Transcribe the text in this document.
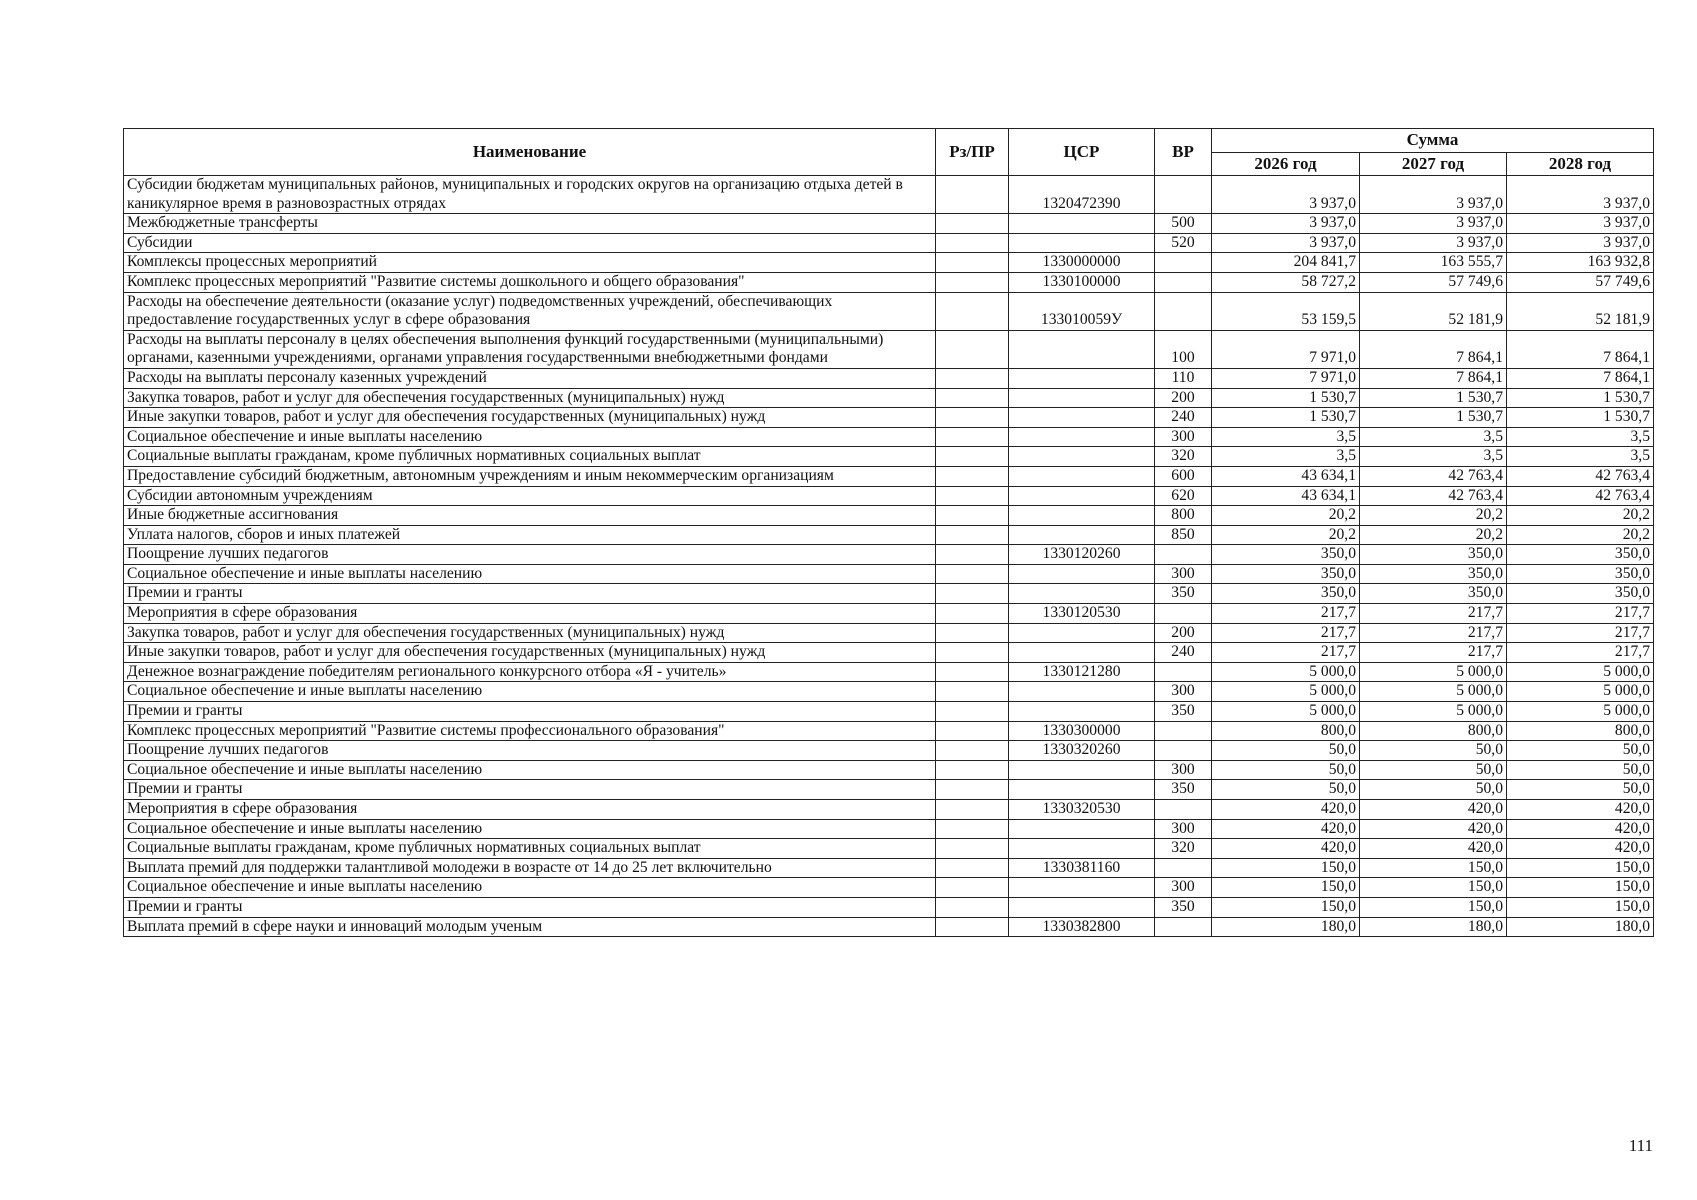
Наименование	Рз/ПР	ЦСР	ВР	Сумма		
				2026 год	2027 год	2028 год
Субсидии бюджетам муниципальных районов, муниципальных и городских округов на организацию отдыха детей в каникулярное время в разновозрастных отрядах		1320472390		3 937,0	3 937,0	3 937,0
Межбюджетные трансферты			500	3 937,0	3 937,0	3 937,0
Субсидии			520	3 937,0	3 937,0	3 937,0
Комплексы процессных мероприятий		1330000000		204 841,7	163 555,7	163 932,8
Комплекс процессных мероприятий "Развитие системы дошкольного и общего образования"		1330100000		58 727,2	57 749,6	57 749,6
Расходы на обеспечение деятельности (оказание услуг) подведомственных учреждений, обеспечивающих предоставление государственных услуг в сфере образования		133010059У		53 159,5	52 181,9	52 181,9
Расходы на выплаты персоналу в целях обеспечения выполнения функций государственными (муниципальными) органами, казенными учреждениями, органами управления государственными внебюджетными фондами			100	7 971,0	7 864,1	7 864,1
Расходы на выплаты персоналу казенных учреждений			110	7 971,0	7 864,1	7 864,1
Закупка товаров, работ и услуг для обеспечения государственных (муниципальных) нужд			200	1 530,7	1 530,7	1 530,7
Иные закупки товаров, работ и услуг для обеспечения государственных (муниципальных) нужд			240	1 530,7	1 530,7	1 530,7
Социальное обеспечение и иные выплаты населению			300	3,5	3,5	3,5
Социальные выплаты гражданам, кроме публичных нормативных социальных выплат			320	3,5	3,5	3,5
Предоставление субсидий бюджетным, автономным учреждениям и иным некоммерческим организациям			600	43 634,1	42 763,4	42 763,4
Субсидии автономным учреждениям			620	43 634,1	42 763,4	42 763,4
Иные бюджетные ассигнования			800	20,2	20,2	20,2
Уплата налогов, сборов и иных платежей			850	20,2	20,2	20,2
Поощрение лучших педагогов		1330120260		350,0	350,0	350,0
Социальное обеспечение и иные выплаты населению			300	350,0	350,0	350,0
Премии и гранты			350	350,0	350,0	350,0
Мероприятия в сфере образования		1330120530		217,7	217,7	217,7
Закупка товаров, работ и услуг для обеспечения государственных (муниципальных) нужд			200	217,7	217,7	217,7
Иные закупки товаров, работ и услуг для обеспечения государственных (муниципальных) нужд			240	217,7	217,7	217,7
Денежное вознаграждение победителям регионального конкурсного отбора «Я - учитель»		1330121280		5 000,0	5 000,0	5 000,0
Социальное обеспечение и иные выплаты населению			300	5 000,0	5 000,0	5 000,0
Премии и гранты			350	5 000,0	5 000,0	5 000,0
Комплекс процессных мероприятий "Развитие системы профессионального образования"		1330300000		800,0	800,0	800,0
Поощрение лучших педагогов		1330320260		50,0	50,0	50,0
Социальное обеспечение и иные выплаты населению			300	50,0	50,0	50,0
Премии и гранты			350	50,0	50,0	50,0
Мероприятия в сфере образования		1330320530		420,0	420,0	420,0
Социальное обеспечение и иные выплаты населению			300	420,0	420,0	420,0
Социальные выплаты гражданам, кроме публичных нормативных социальных выплат			320	420,0	420,0	420,0
Выплата премий для поддержки талантливой молодежи в возрасте от 14 до 25 лет включительно		1330381160		150,0	150,0	150,0
Социальное обеспечение и иные выплаты населению			300	150,0	150,0	150,0
Премии и гранты			350	150,0	150,0	150,0
Выплата премий в сфере науки и инноваций молодым ученым		1330382800		180,0	180,0	180,0
111
